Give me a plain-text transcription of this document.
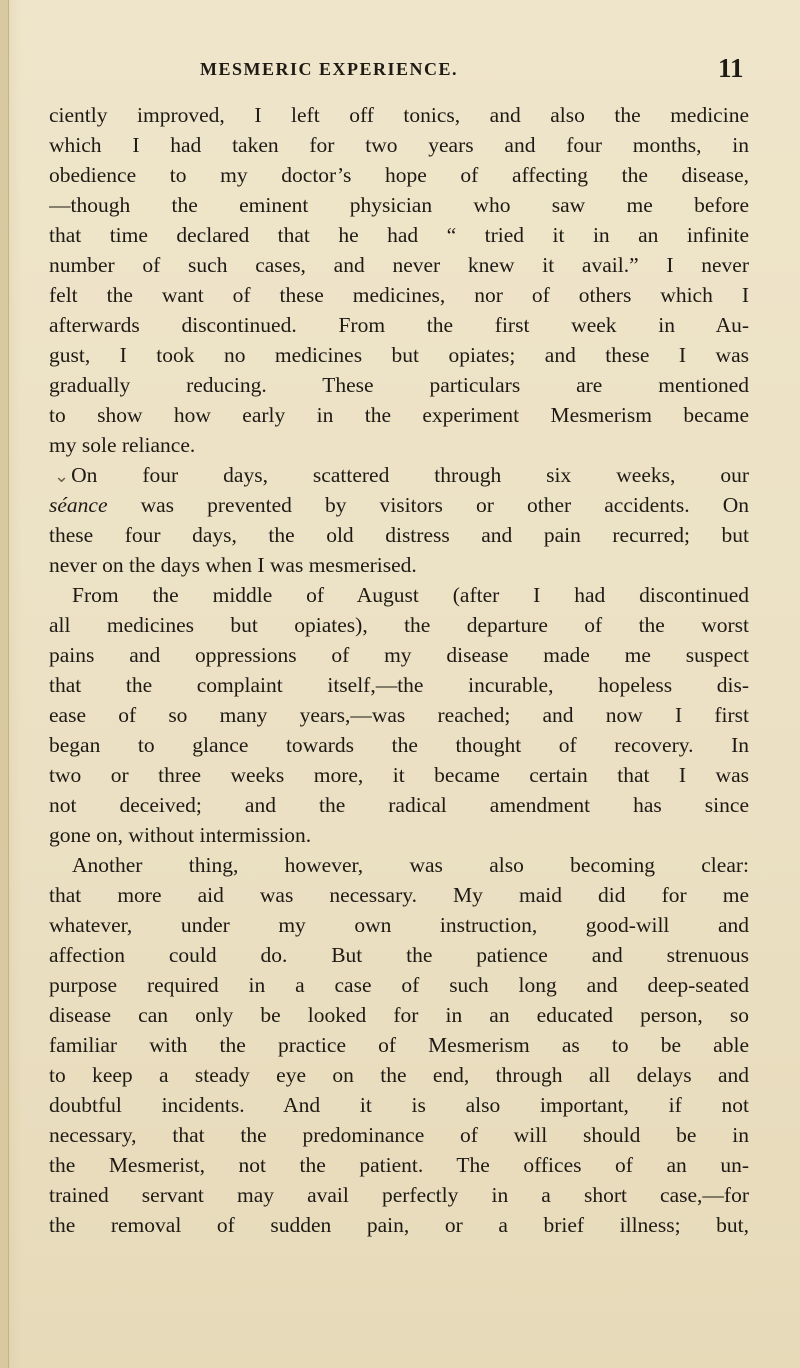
MESMERIC EXPERIENCE.	11
ciently improved, I left off tonics, and also the medicine
which I had taken for two years and four months, in
obedience to my doctor’s hope of affecting the disease,
—though the eminent physician who saw me before
that time declared that he had “ tried it in an infinite
number of such cases, and never knew it avail.” I never
felt the want of these medicines, nor of others which I
afterwards discontinued. From the first week in Au-
gust, I took no medicines but opiates; and these I was
gradually reducing. These particulars are mentioned
to show how early in the experiment Mesmerism became
my sole reliance.
⌄On four days, scattered through six weeks, our
séance was prevented by visitors or other accidents. On
these four days, the old distress and pain recurred; but
never on the days when I was mesmerised.
From the middle of August (after I had discontinued
all medicines but opiates), the departure of the worst
pains and oppressions of my disease made me suspect
that the complaint itself,—the incurable, hopeless dis-
ease of so many years,—was reached; and now I first
began to glance towards the thought of recovery. In
two or three weeks more, it became certain that I was
not deceived; and the radical amendment has since
gone on, without intermission.
Another thing, however, was also becoming clear:
that more aid was necessary. My maid did for me
whatever, under my own instruction, good-will and
affection could do. But the patience and strenuous
purpose required in a case of such long and deep-seated
disease can only be looked for in an educated person, so
familiar with the practice of Mesmerism as to be able
to keep a steady eye on the end, through all delays and
doubtful incidents. And it is also important, if not
necessary, that the predominance of will should be in
the Mesmerist, not the patient. The offices of an un-
trained servant may avail perfectly in a short case,—for
the removal of sudden pain, or a brief illness; but,
